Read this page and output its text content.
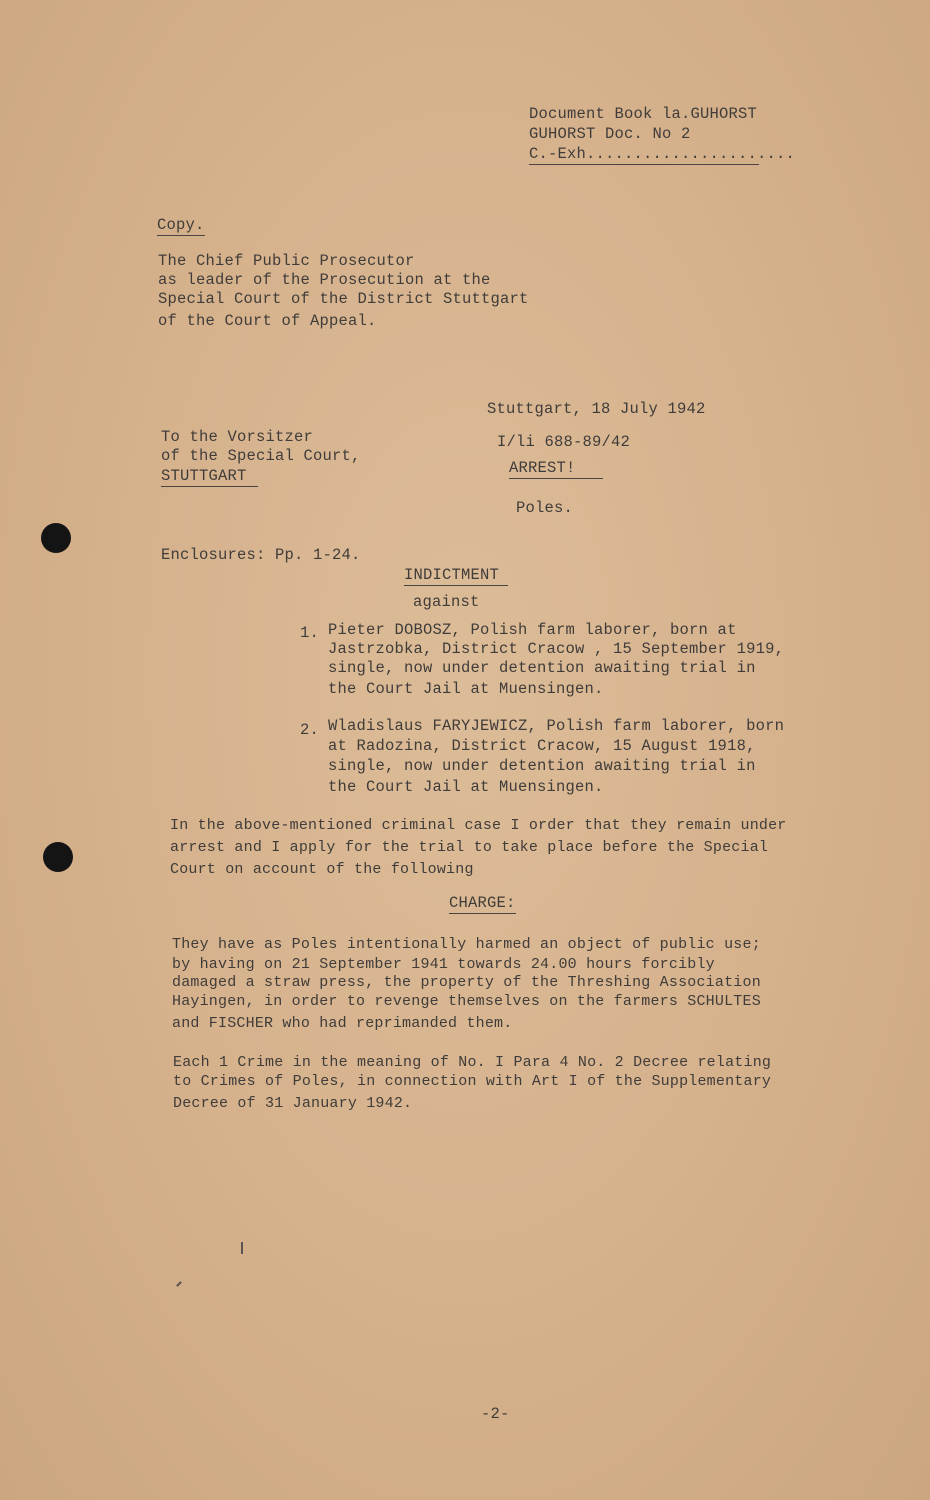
Document Book la.GUHORST
GUHORST Doc. No 2
C.-Exh......................
Copy.
The Chief Public Prosecutor
as leader of the Prosecution at the
Special Court of the District Stuttgart
of the Court of Appeal.
Stuttgart, 18 July 1942
I/li 688-89/42
ARREST!
Poles.
To the Vorsitzer
of the Special Court,
STUTTGART
Enclosures: Pp. 1-24.
INDICTMENT
against
1. Pieter DOBOSZ, Polish farm laborer, born at
Jastrzobka, District Cracow , 15 September 1919,
single, now under detention awaiting trial in
the Court Jail at Muensingen.
2. Wladislaus FARYJEWICZ, Polish farm laborer, born
at Radozina, District Cracow, 15 August 1918,
single, now under detention awaiting trial in
the Court Jail at Muensingen.
In the above-mentioned criminal case I order that they remain under
arrest and I apply for the trial to take place before the Special
Court on account of the following
CHARGE:
They have as Poles intentionally harmed an object of public use;
by having on 21 September 1941 towards 24.00 hours forcibly
damaged a straw press, the property of the Threshing Association
Hayingen, in order to revenge themselves on the farmers SCHULTES
and FISCHER who had reprimanded them.
Each 1 Crime in the meaning of No. I Para 4 No. 2 Decree relating
to Crimes of Poles, in connection with Art I of the Supplementary
Decree of 31 January 1942.
-2-
